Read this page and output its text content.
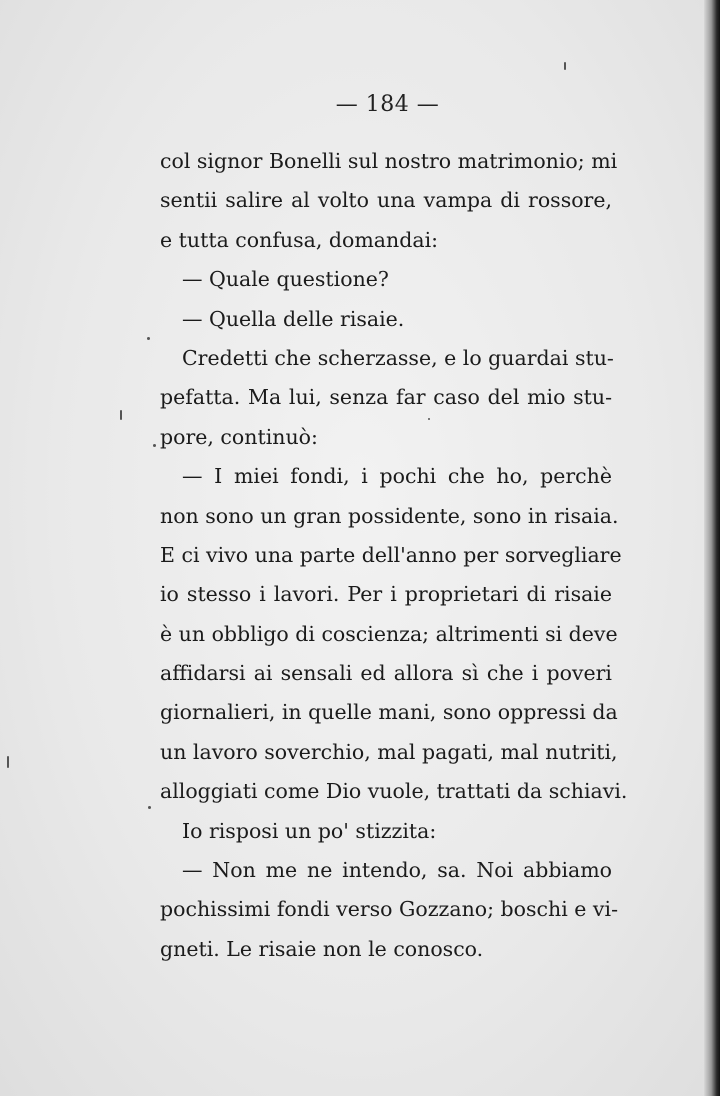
— 184 —
col signor Bonelli sul nostro matrimonio; mi
sentii salire al volto una vampa di rossore,
e tutta confusa, domandai:
— Quale questione?
— Quella delle risaie.
Credetti che scherzasse, e lo guardai stu-
pefatta. Ma lui, senza far caso del mio stu-
pore, continuò:
— I miei fondi, i pochi che ho, perchè
non sono un gran possidente, sono in risaia.
E ci vivo una parte dell'anno per sorvegliare
io stesso i lavori. Per i proprietari di risaie
è un obbligo di coscienza; altrimenti si deve
affidarsi ai sensali ed allora sì che i poveri
giornalieri, in quelle mani, sono oppressi da
un lavoro soverchio, mal pagati, mal nutriti,
alloggiati come Dio vuole, trattati da schiavi.
Io risposi un po' stizzita:
— Non me ne intendo, sa. Noi abbiamo
pochissimi fondi verso Gozzano; boschi e vi-
gneti. Le risaie non le conosco.
